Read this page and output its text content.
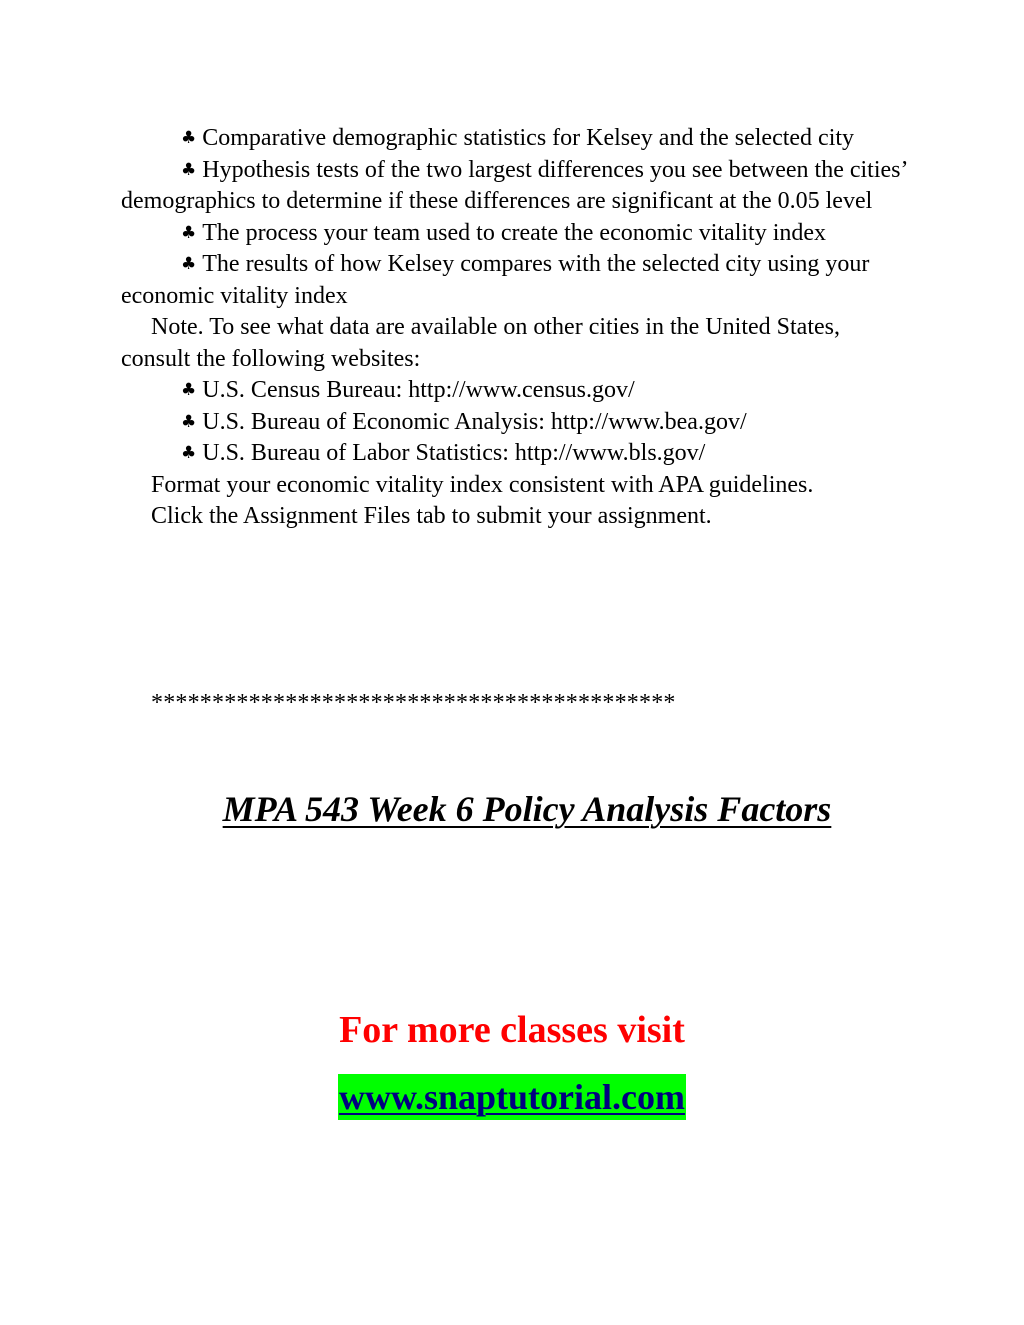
♣ Comparative demographic statistics for Kelsey and the selected city

♣ Hypothesis tests of the two largest differences you see between the cities’ demographics to determine if these differences are significant at the 0.05 level

♣ The process your team used to create the economic vitality index

♣ The results of how Kelsey compares with the selected city using your economic vitality index

Note. To see what data are available on other cities in the United States, consult the following websites:

♣ U.S. Census Bureau: http://www.census.gov/

♣ U.S. Bureau of Economic Analysis: http://www.bea.gov/

♣ U.S. Bureau of Labor Statistics: http://www.bls.gov/

Format your economic vitality index consistent with APA guidelines.

Click the Assignment Files tab to submit your assignment.

*******************************************
MPA 543 Week 6 Policy Analysis Factors

For more classes visit

www.snaptutorial.com
